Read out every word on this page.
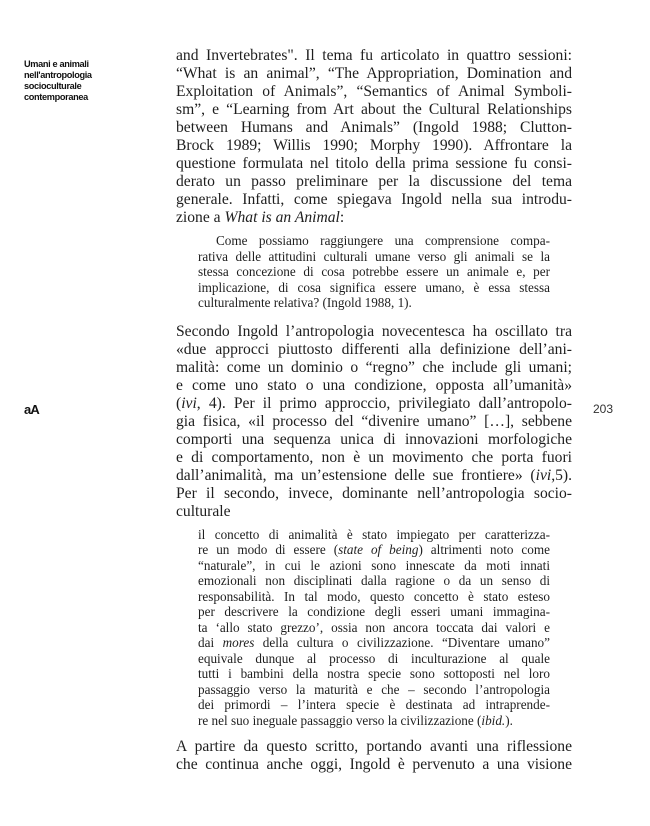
Umani e animali
nell'antropologia
socioculturale
contemporanea
aA	203
and Invertebrates". Il tema fu articolato in quattro sessioni:
“What is an animal”, “The Appropriation, Domination and
Exploitation of Animals”, “Semantics of Animal Symboli-
sm”, e “Learning from Art about the Cultural Relationships
between Humans and Animals” (Ingold 1988; Clutton-
Brock 1989; Willis 1990; Morphy 1990). Affrontare la
questione formulata nel titolo della prima sessione fu consi-
derato un passo preliminare per la discussione del tema
generale. Infatti, come spiegava Ingold nella sua introdu-
zione a What is an Animal:
Come possiamo raggiungere una comprensione compa-
rativa delle attitudini culturali umane verso gli animali se la
stessa concezione di cosa potrebbe essere un animale e, per
implicazione, di cosa significa essere umano, è essa stessa
culturalmente relativa? (Ingold 1988, 1).
Secondo Ingold l’antropologia novecentesca ha oscillato tra
«due approcci piuttosto differenti alla definizione dell’ani-
malità: come un dominio o “regno” che include gli umani;
e come uno stato o una condizione, opposta all’umanità»
(ivi, 4). Per il primo approccio, privilegiato dall’antropolo-
gia fisica, «il processo del “divenire umano” […], sebbene
comporti una sequenza unica di innovazioni morfologiche
e di comportamento, non è un movimento che porta fuori
dall’animalità, ma un’estensione delle sue frontiere» (ivi,5).
Per il secondo, invece, dominante nell’antropologia socio-
culturale
il concetto di animalità è stato impiegato per caratterizza-
re un modo di essere (state of being) altrimenti noto come
“naturale”, in cui le azioni sono innescate da moti innati
emozionali non disciplinati dalla ragione o da un senso di
responsabilità. In tal modo, questo concetto è stato esteso
per descrivere la condizione degli esseri umani immagina-
ta ‘allo stato grezzo’, ossia non ancora toccata dai valori e
dai mores della cultura o civilizzazione. “Diventare umano”
equivale dunque al processo di inculturazione al quale
tutti i bambini della nostra specie sono sottoposti nel loro
passaggio verso la maturità e che – secondo l’antropologia
dei primordi – l’intera specie è destinata ad intraprende-
re nel suo ineguale passaggio verso la civilizzazione (ibid.).
A partire da questo scritto, portando avanti una riflessione
che continua anche oggi, Ingold è pervenuto a una visione
